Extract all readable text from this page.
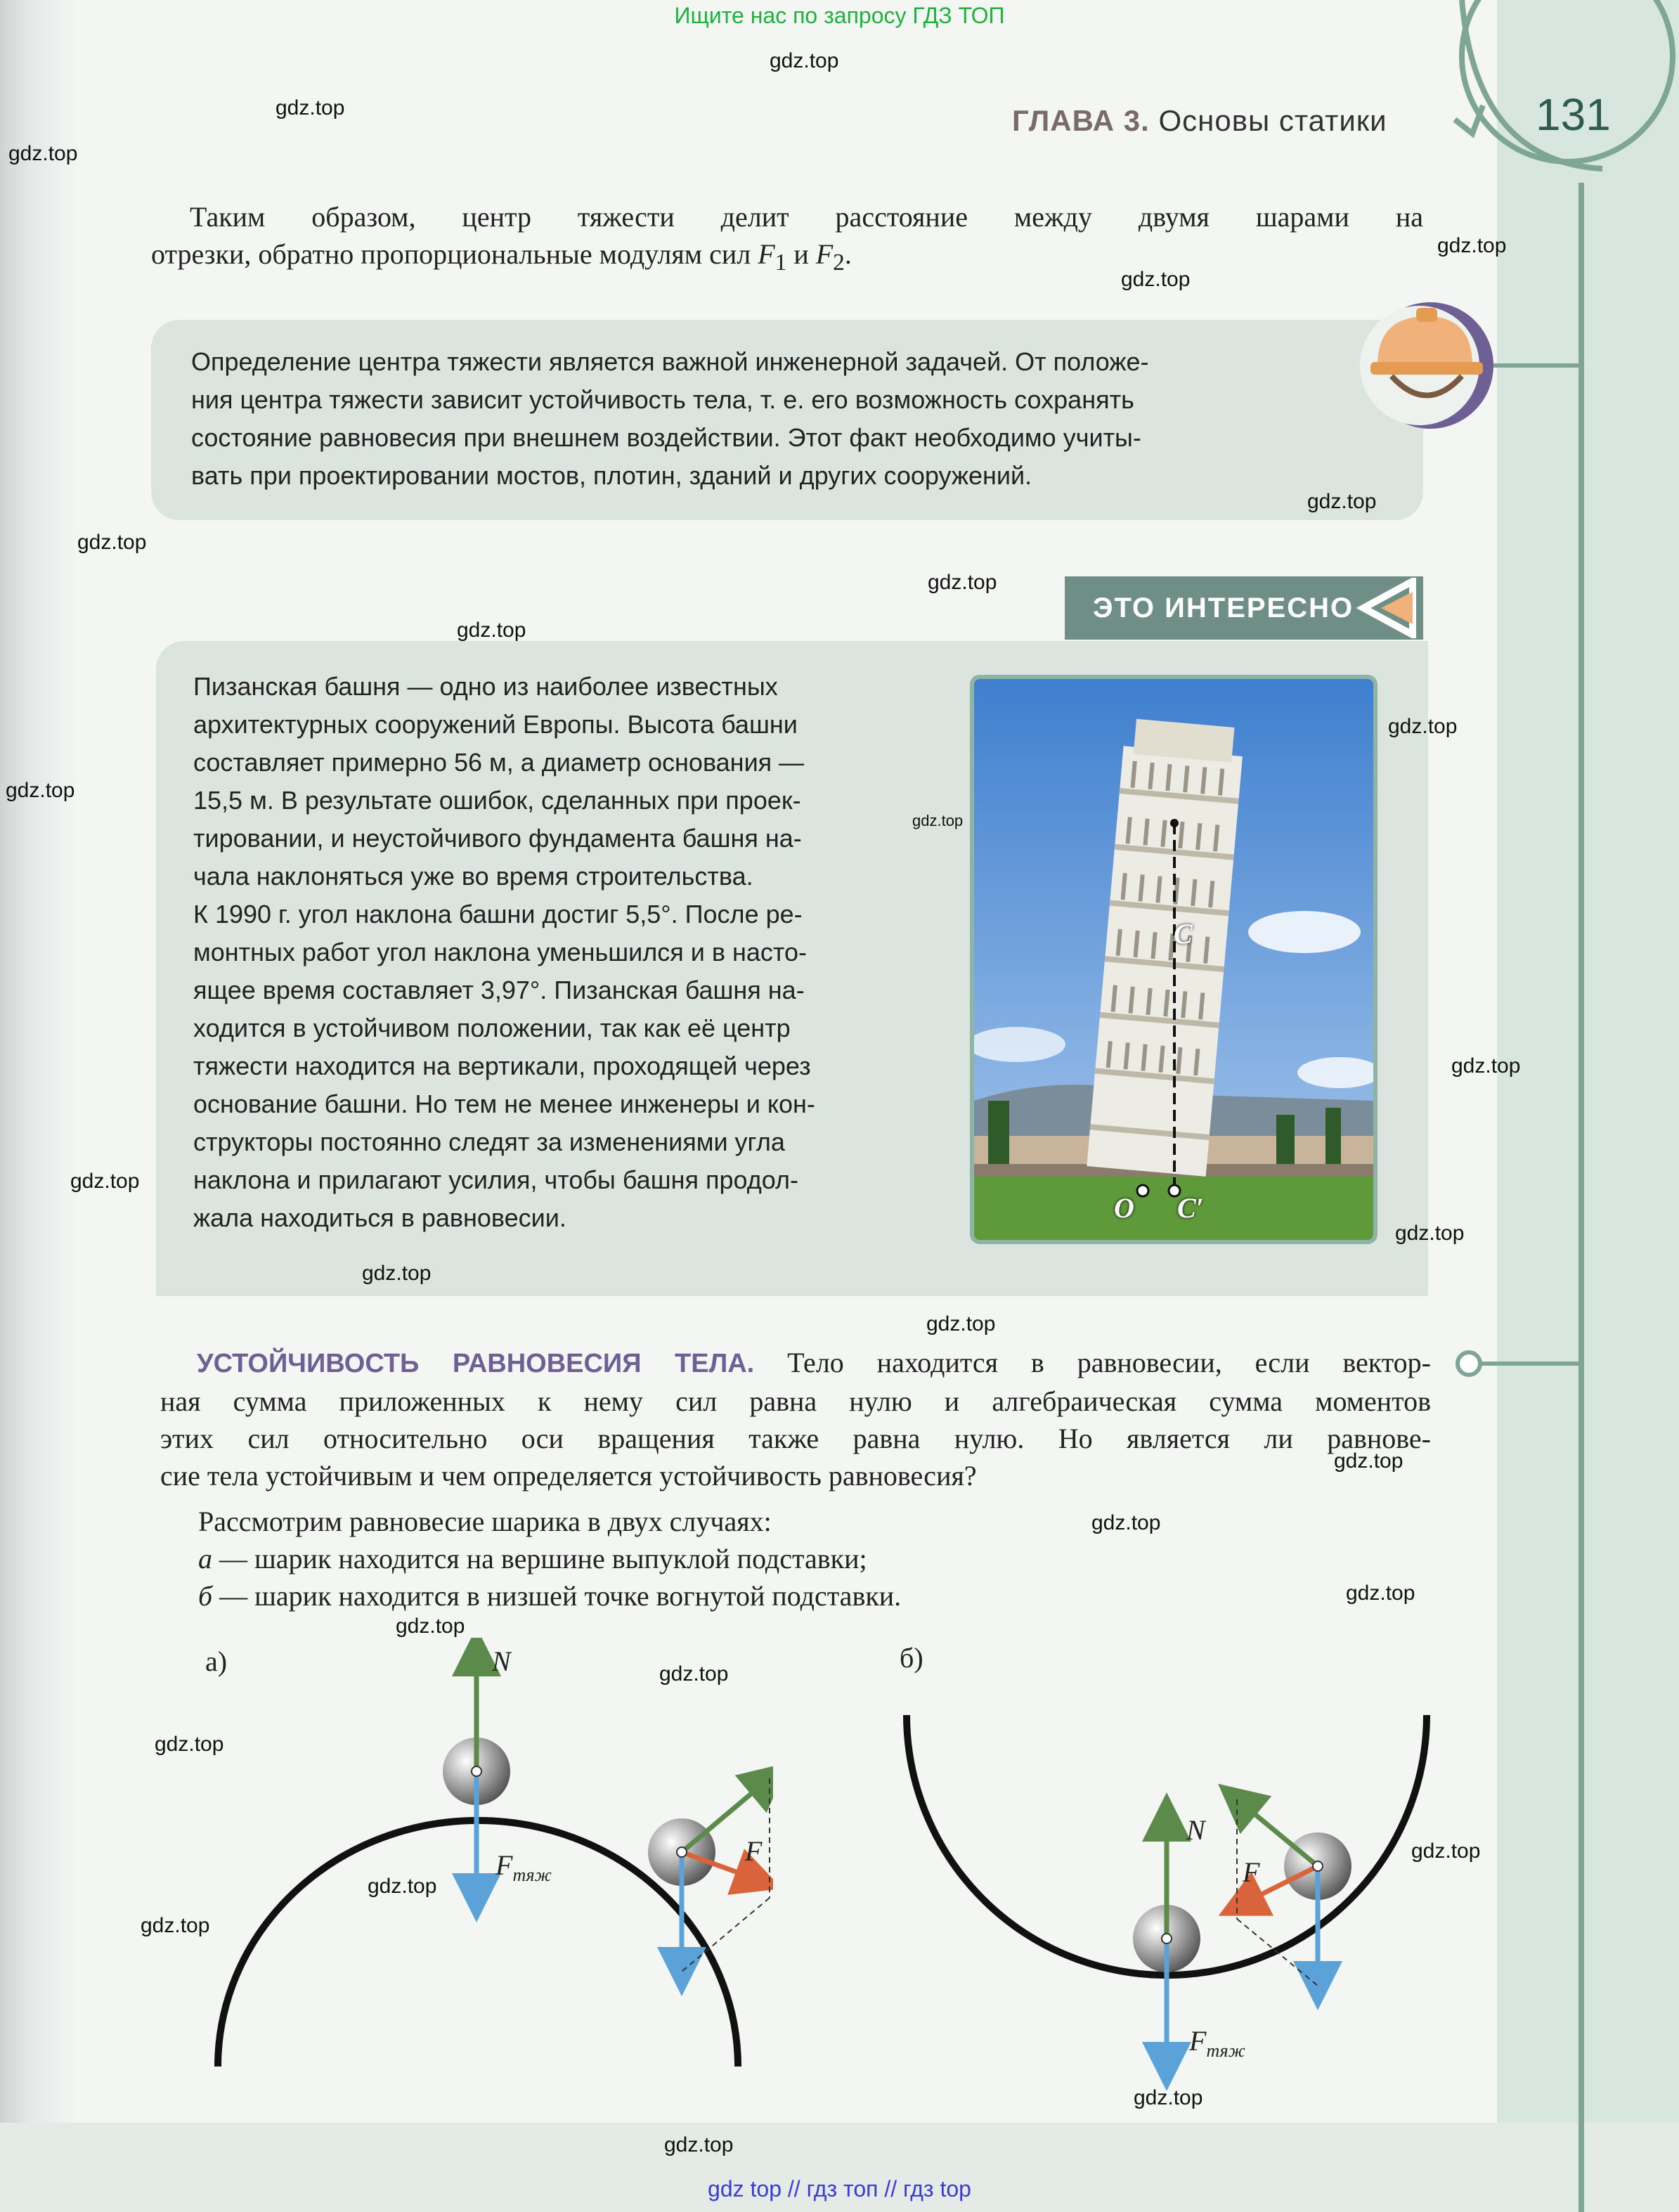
Ищите нас по запросу ГДЗ ТОП
ГЛАВА 3. Основы статики	131
Таким образом, центр тяжести делит расстояние между двумя шарами на
отрезки, обратно пропорциональные модулям сил $F_1$ и $F_2$.
Определение центра тяжести является важной инженерной задачей. От положе-
ния центра тяжести зависит устойчивость тела, т. е. его возможность сохранять
состояние равновесия при внешнем воздействии. Этот факт необходимо учиты-
вать при проектировании мостов, плотин, зданий и других сооружений.
ЭТО ИНТЕРЕСНО
Пизанская башня — одно из наиболее известных
архитектурных сооружений Европы. Высота башни
составляет примерно 56 м, а диаметр основания —
15,5 м. В результате ошибок, сделанных при проек-
тировании, и неустойчивого фундамента башня на-
чала наклоняться уже во время строительства.
К 1990 г. угол наклона башни достиг 5,5°. После ре-
монтных работ угол наклона уменьшился и в насто-
ящее время составляет 3,97°. Пизанская башня на-
ходится в устойчивом положении, так как её центр
тяжести находится на вертикали, проходящей через
основание башни. Но тем не менее инженеры и кон-
структоры постоянно следят за изменениями угла
наклона и прилагают усилия, чтобы башня продол-
жала находиться в равновесии.
C
O C′
УСТОЙЧИВОСТЬ РАВНОВЕСИЯ ТЕЛА. Тело находится в равновесии, если вектор-
ная сумма приложенных к нему сил равна нулю и алгебраическая сумма моментов
этих сил относительно оси вращения также равна нулю. Но является ли равнове-
сие тела устойчивым и чем определяется устойчивость равновесия?
Рассмотрим равновесие шарика в двух случаях:
а — шарик находится на вершине выпуклой подставки;
б — шарик находится в низшей точке вогнутой подставки.
а)	N
$F_{тяж}$
F
б)
N
F
$F_{тяж}$
gdz.top
gdz.top
gdz.top
gdz.top
gdz.top
gdz.top
gdz.top
gdz.top
gdz.top
gdz.top
gdz.top
gdz.top
gdz.top
gdz.top
gdz.top
gdz.top
gdz.top
gdz.top
gdz.top
gdz.top
gdz.top
gdz.top
gdz.top
gdz.top
gdz.top
gdz.top
gdz.top
gdz.top
gdz top // гдз топ // гдз top
